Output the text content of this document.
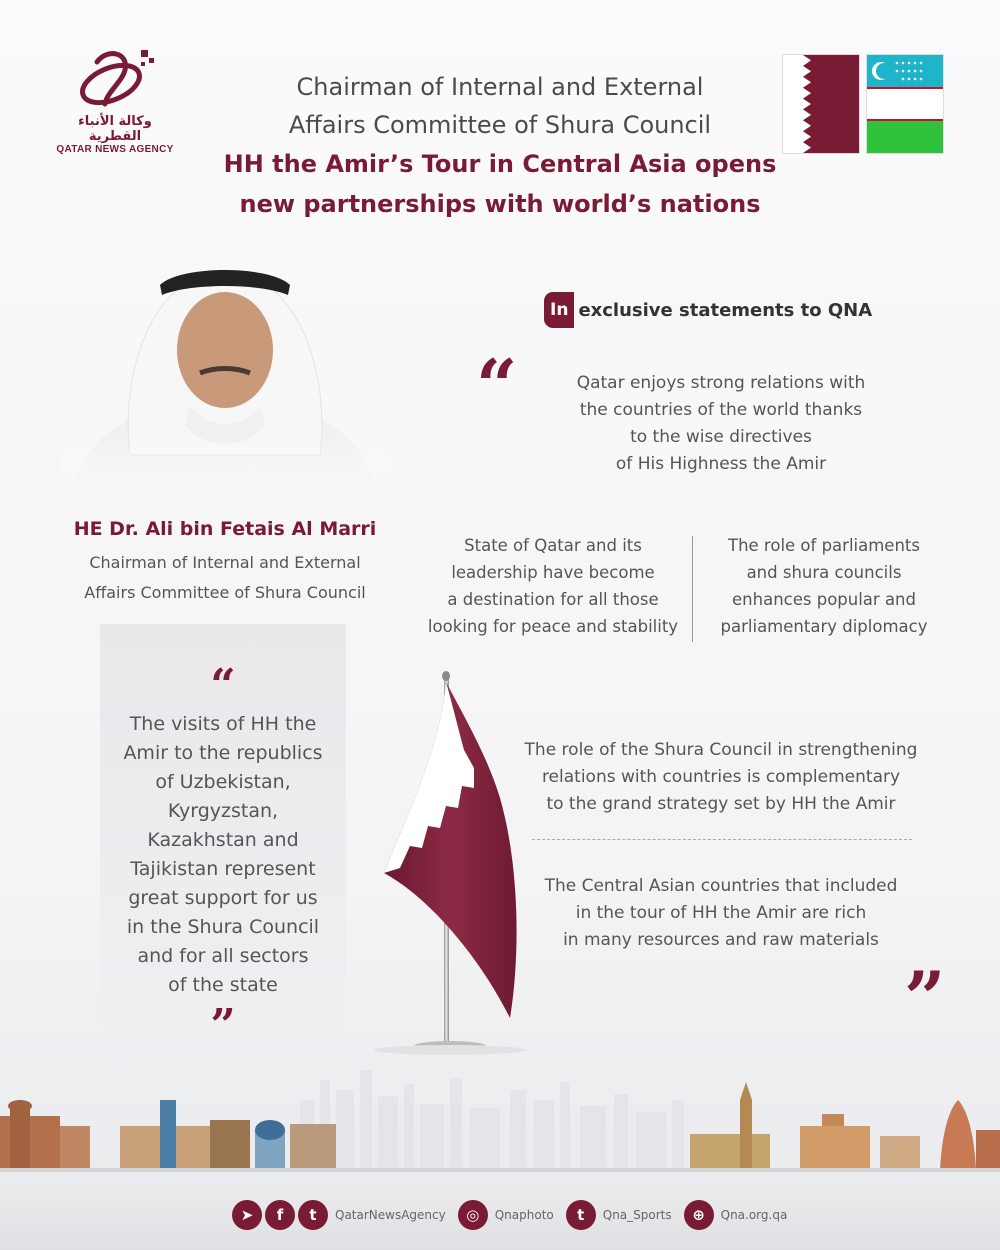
وكالة الأنباء القطرية
QATAR NEWS AGENCY
Chairman of Internal and External
Affairs Committee of Shura Council
HH the Amir’s Tour in Central Asia opens
new partnerships with world’s nations
HE Dr. Ali bin Fetais Al Marri
Chairman of Internal and External
Affairs Committee of Shura Council
“
The visits of HH the
Amir to the republics
of Uzbekistan,
Kyrgyzstan,
Kazakhstan and
Tajikistan represent
great support for us
in the Shura Council
and for all sectors
of the state
”
In exclusive statements to QNA
“	Qatar enjoys strong relations with
the countries of the world thanks
to the wise directives
of His Highness the Amir
State of Qatar and its
leadership have become
a destination for all those
looking for peace and stability
The role of parliaments
and shura councils
enhances popular and
parliamentary diplomacy
The role of the Shura Council in strengthening
relations with countries is complementary
to the grand strategy set by HH the Amir
The Central Asian countries that included
in the tour of HH the Amir are rich
in many resources and raw materials
”
➤	f	t	QatarNewsAgency	◎	Qnaphoto	t	Qna_Sports	⊕	Qna.org.qa
